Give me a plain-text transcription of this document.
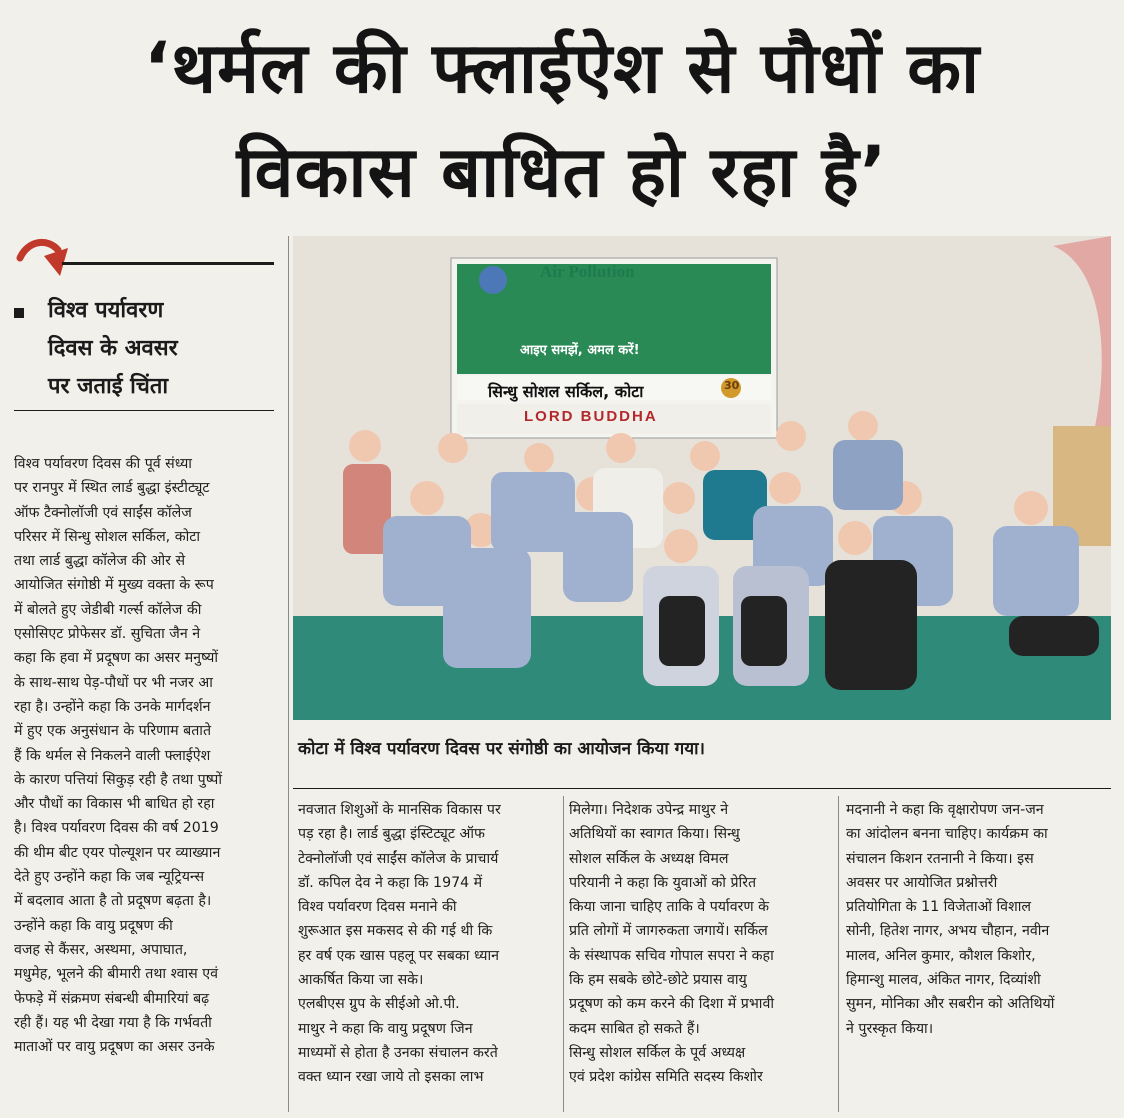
‘थर्मल की फ्लाईऐश से पौधों का
विकास बाधित हो रहा है’
विश्व पर्यावरण
दिवस के अवसर
पर जताई चिंता
कोटा में विश्व पर्यावरण दिवस पर संगोष्ठी का आयोजन किया गया।

विश्व पर्यावरण दिवस की पूर्व संध्या

पर रानपुर में स्थित लार्ड बुद्धा इंस्टीट्यूट

ऑफ टैक्नोलॉजी एवं साईंस कॉलेज

परिसर में सिन्धु सोशल सर्किल, कोटा

तथा लार्ड बुद्धा कॉलेज की ओर से

आयोजित संगोष्ठी में मुख्य वक्ता के रूप

में बोलते हुए जेडीबी गर्ल्स कॉलेज की

एसोसिएट प्रोफेसर डॉ. सुचिता जैन ने

कहा कि हवा में प्रदूषण का असर मनुष्यों

के साथ-साथ पेड़-पौधों पर भी नजर आ

रहा है। उन्होंने कहा कि उनके मार्गदर्शन

में हुए एक अनुसंधान के परिणाम बताते

हैं कि थर्मल से निकलने वाली फ्लाईऐश

के कारण पत्तियां सिकुड़ रही है तथा पुष्पों

और पौधों का विकास भी बाधित हो रहा

है। विश्व पर्यावरण दिवस की वर्ष 2019

की थीम बीट एयर पोल्यूशन पर व्याख्यान

देते हुए उन्होंने कहा कि जब न्यूट्रियन्स

में बदलाव आता है तो प्रदूषण बढ़ता है।

उन्होंने कहा कि वायु प्रदूषण की

वजह से कैंसर, अस्थमा, अपाघात,

मधुमेह, भूलने की बीमारी तथा श्वास एवं

फेफड़े में संक्रमण संबन्धी बीमारियां बढ़

रही हैं। यह भी देखा गया है कि गर्भवती

माताओं पर वायु प्रदूषण का असर उनके

नवजात शिशुओं के मानसिक विकास पर

पड़ रहा है। लार्ड बुद्धा इंस्टिट्यूट ऑफ

टेक्नोलॉजी एवं साईंस कॉलेज के प्राचार्य

डॉ. कपिल देव ने कहा कि 1974 में

विश्व पर्यावरण दिवस मनाने की

शुरूआत इस मकसद से की गई थी कि

हर वर्ष एक खास पहलू पर सबका ध्यान

आकर्षित किया जा सके।

एलबीएस ग्रुप के सीईओ ओ.पी.

माथुर ने कहा कि वायु प्रदूषण जिन

माध्यमों से होता है उनका संचालन करते

वक्त ध्यान रखा जाये तो इसका लाभ

मिलेगा। निदेशक उपेन्द्र माथुर ने

अतिथियों का स्वागत किया। सिन्धु

सोशल सर्किल के अध्यक्ष विमल

परियानी ने कहा कि युवाओं को प्रेरित

किया जाना चाहिए ताकि वे पर्यावरण के

प्रति लोगों में जागरुकता जगायें। सर्किल

के संस्थापक सचिव गोपाल सपरा ने कहा

कि हम सबके छोटे-छोटे प्रयास वायु

प्रदूषण को कम करने की दिशा में प्रभावी

कदम साबित हो सकते हैं।

सिन्धु सोशल सर्किल के पूर्व अध्यक्ष

एवं प्रदेश कांग्रेस समिति सदस्य किशोर

मदनानी ने कहा कि वृक्षारोपण जन-जन

का आंदोलन बनना चाहिए। कार्यक्रम का

संचालन किशन रतनानी ने किया। इस

अवसर पर आयोजित प्रश्नोत्तरी

प्रतियोगिता के 11 विजेताओं विशाल

सोनी, हितेश नागर, अभय चौहान, नवीन

मालव, अनिल कुमार, कौशल किशोर,

हिमान्शु मालव, अंकित नागर, दिव्यांशी

सुमन, मोनिका और सबरीन को अतिथियों

ने पुरस्कृत किया।

Air Pollution
आइए समझें, अमल करें!
सिन्धु सोशल सर्किल, कोटा	30
LORD BUDDHA
